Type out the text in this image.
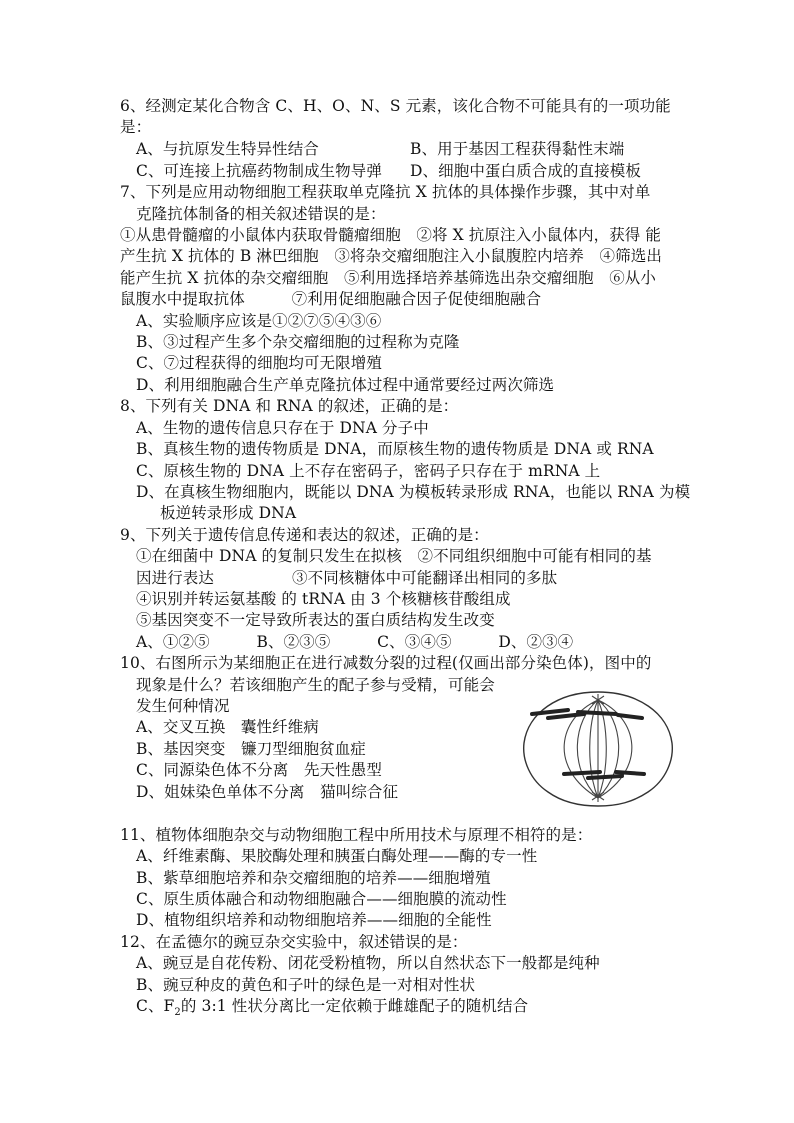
6、经测定某化合物含 C、H、O、N、S 元素，该化合物不可能具有的一项功能
是：
A、与抗原发生特异性结合	B、用于基因工程获得黏性末端
C、可连接上抗癌药物制成生物导弹 D、细胞中蛋白质合成的直接模板
7、下列是应用动物细胞工程获取单克隆抗 X 抗体的具体操作步骤，其中对单
克隆抗体制备的相关叙述错误的是：
①从患骨髓瘤的小鼠体内获取骨髓瘤细胞　②将 X 抗原注入小鼠体内，获得 能
产生抗 X 抗体的 B 淋巴细胞　③将杂交瘤细胞注入小鼠腹腔内培养　④筛选出
能产生抗 X 抗体的杂交瘤细胞　⑤利用选择培养基筛选出杂交瘤细胞　⑥从小
鼠腹水中提取抗体　　　⑦利用促细胞融合因子促使细胞融合
A、实验顺序应该是①②⑦⑤④③⑥
B、③过程产生多个杂交瘤细胞的过程称为克隆
C、⑦过程获得的细胞均可无限增殖
D、利用细胞融合生产单克隆抗体过程中通常要经过两次筛选
8、下列有关 DNA 和 RNA 的叙述，正确的是：
A、生物的遗传信息只存在于 DNA 分子中
B、真核生物的遗传物质是 DNA，而原核生物的遗传物质是 DNA 或 RNA
C、原核生物的 DNA 上不存在密码子，密码子只存在于 mRNA 上
D、在真核生物细胞内，既能以 DNA 为模板转录形成 RNA，也能以 RNA 为模
板逆转录形成 DNA
9、下列关于遗传信息传递和表达的叙述，正确的是：
①在细菌中 DNA 的复制只发生在拟核　②不同组织细胞中可能有相同的基
因进行表达　　　　　③不同核糖体中可能翻译出相同的多肽
④识别并转运氨基酸 的 tRNA 由 3 个核糖核苷酸组成
⑤基因突变不一定导致所表达的蛋白质结构发生改变
A、①②⑤　　　B、②③⑤　　　C、③④⑤　　　D、②③④
10、右图所示为某细胞正在进行减数分裂的过程(仅画出部分染色体)，图中的
现象是什么？若该细胞产生的配子参与受精，可能会
发生何种情况
A、交叉互换　囊性纤维病
B、基因突变　镰刀型细胞贫血症
C、同源染色体不分离　先天性愚型
D、姐妹染色单体不分离　猫叫综合征
11、植物体细胞杂交与动物细胞工程中所用技术与原理不相符的是：
A、纤维素酶、果胶酶处理和胰蛋白酶处理——酶的专一性
B、紫草细胞培养和杂交瘤细胞的培养——细胞增殖
C、原生质体融合和动物细胞融合——细胞膜的流动性
D、植物组织培养和动物细胞培养——细胞的全能性
12、在孟德尔的豌豆杂交实验中，叙述错误的是：
A、豌豆是自花传粉、闭花受粉植物，所以自然状态下一般都是纯种
B、豌豆种皮的黄色和子叶的绿色是一对相对性状
C、$F_2$的 3:1 性状分离比一定依赖于雌雄配子的随机结合
